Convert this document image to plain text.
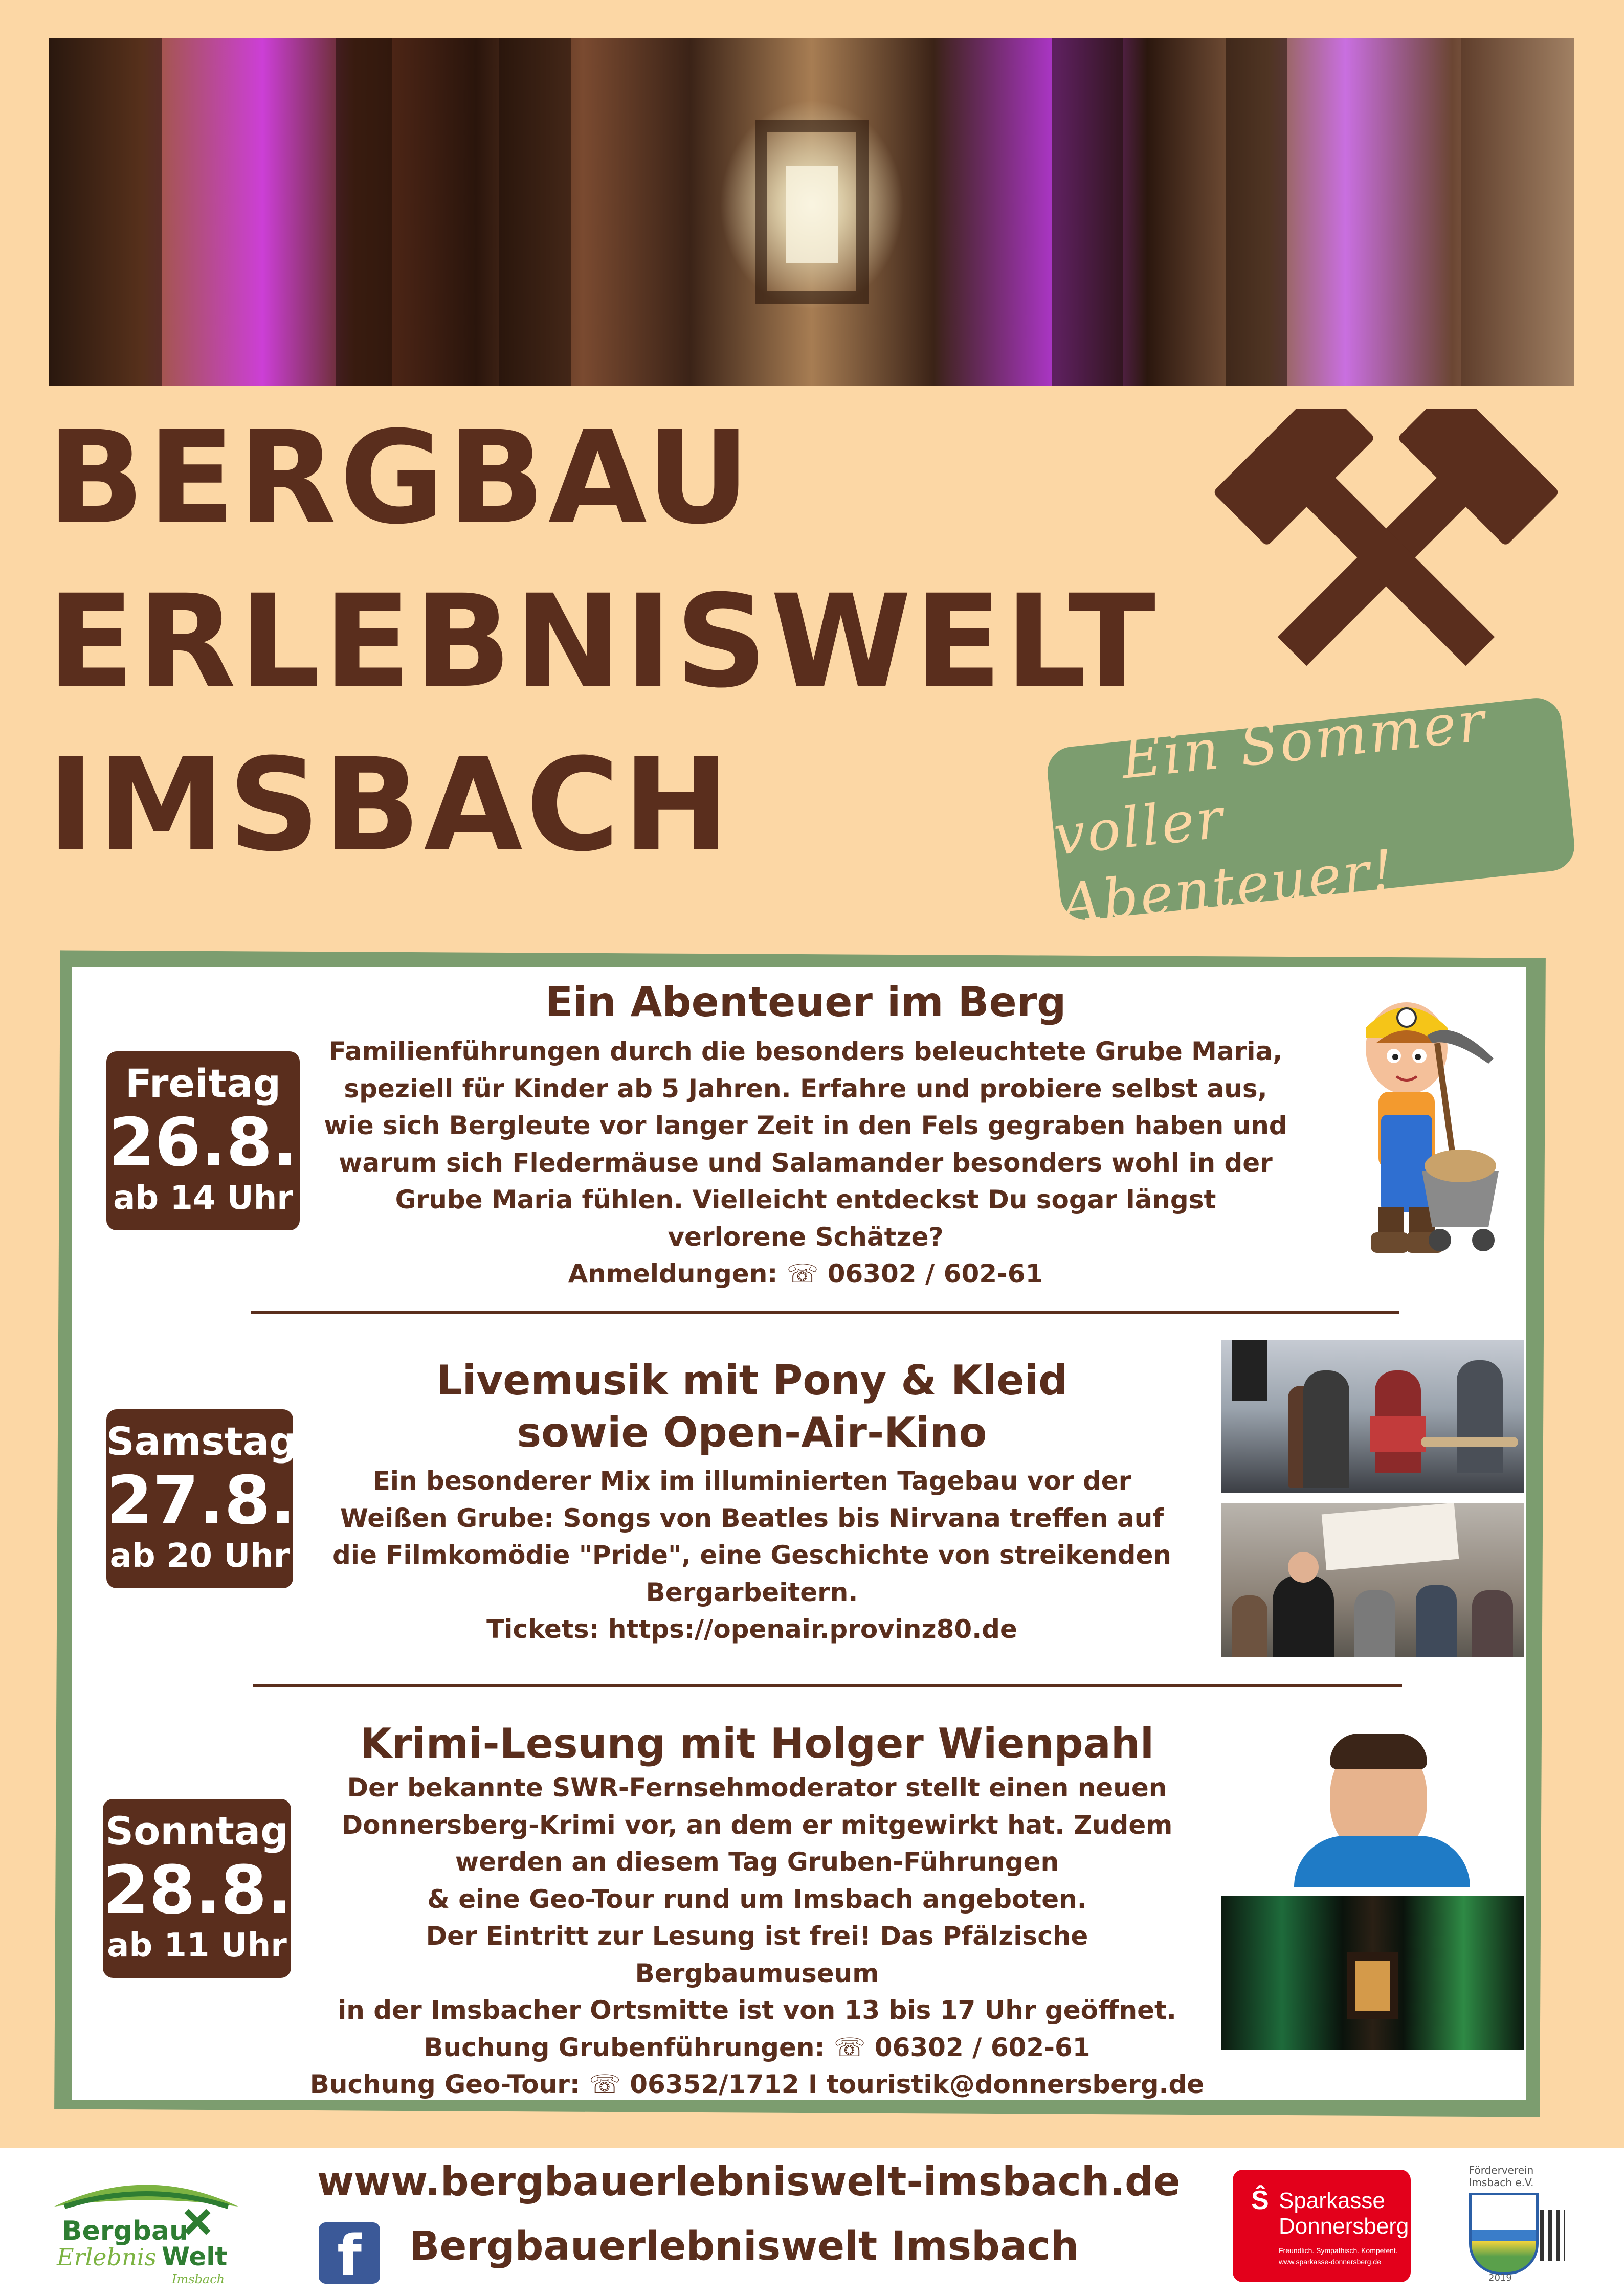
BERGBAU
ERLEBNISWELT
IMSBACH	Ein Sommer
voller Abenteuer!
Freitag
26.8.
ab 14 Uhr
Ein Abenteuer im Berg
Familienführungen durch die besonders beleuchtete Grube Maria,
speziell für Kinder ab 5 Jahren. Erfahre und probiere selbst aus,
wie sich Bergleute vor langer Zeit in den Fels gegraben haben und
warum sich Fledermäuse und Salamander besonders wohl in der
Grube Maria fühlen. Vielleicht entdeckst Du sogar längst
verlorene Schätze?
Anmeldungen: ☏ 06302 / 602-61
Samstag
27.8.
ab 20 Uhr
Livemusik mit Pony & Kleid
sowie Open-Air-Kino
Ein besonderer Mix im illuminierten Tagebau vor der
Weißen Grube: Songs von Beatles bis Nirvana treffen auf
die Filmkomödie "Pride", eine Geschichte von streikenden
Bergarbeitern.
Tickets: https://openair.provinz80.de
Sonntag
28.8.
ab 11 Uhr
Krimi-Lesung mit Holger Wienpahl
Der bekannte SWR-Fernsehmoderator stellt einen neuen
Donnersberg-Krimi vor, an dem er mitgewirkt hat. Zudem
werden an diesem Tag Gruben-Führungen
& eine Geo-Tour rund um Imsbach angeboten.
Der Eintritt zur Lesung ist frei! Das Pfälzische Bergbaumuseum
in der Imsbacher Ortsmitte ist von 13 bis 17 Uhr geöffnet.
Buchung Grubenführungen: ☏ 06302 / 602-61
Buchung Geo-Tour: ☏ 06352/1712 I touristik@donnersberg.de
Bergbau
Erlebnis Welt
Imsbach
www.bergbauerlebniswelt-imsbach.de
f	Bergbauerlebniswelt Imsbach
Ŝ Sparkasse
Donnersberg
Freundlich. Sympathisch. Kompetent.
www.sparkasse-donnersberg.de
Förderverein
Imsbach e.V.
2019
